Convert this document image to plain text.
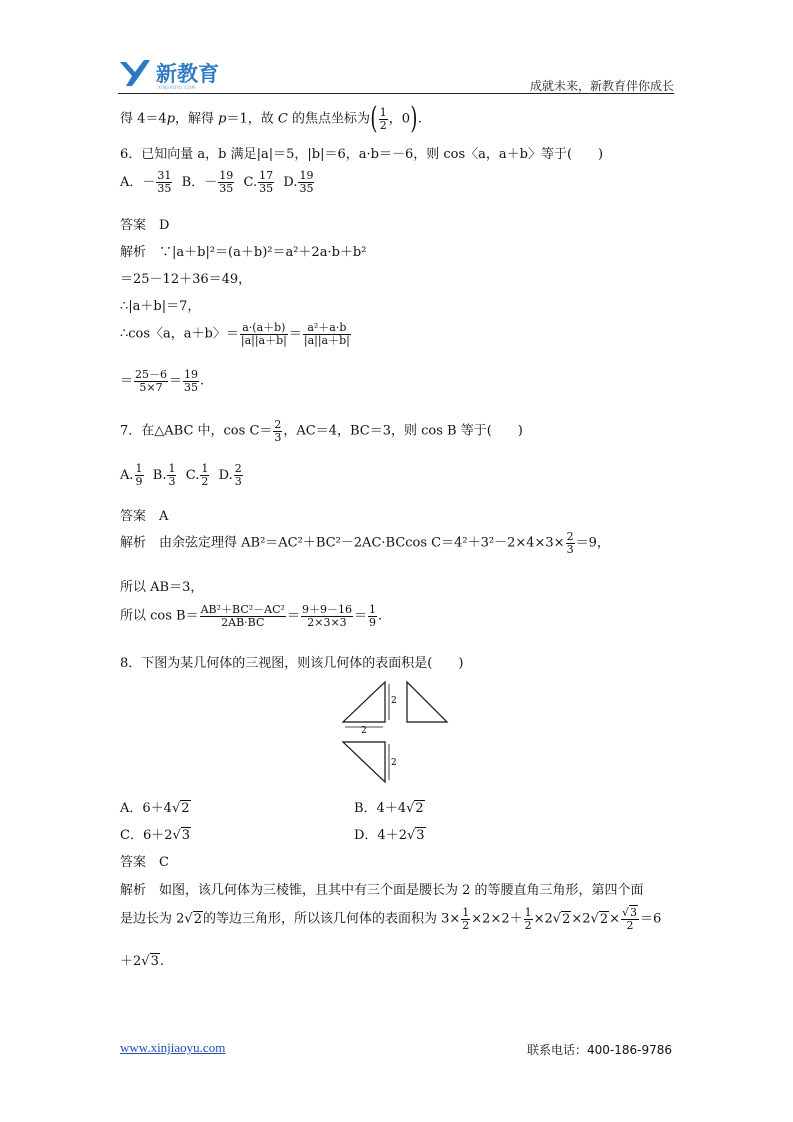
新教育
XINJIAOYU.COM	成就未来，新教育伴你成长
得 4＝4p，解得 p＝1，故 C 的焦点坐标为( $\frac{1}{2}$ ，0).
6．已知向量 a，b 满足|a|＝5，|b|＝6，a·b＝－6，则 cos〈a，a＋b〉等于(　　)
A．－ $\frac{31}{35}$ B．－ $\frac{19}{35} C$. $\frac{17}{35} D$. $\frac{19}{35}$
答案　D
解析　∵|a＋b|²＝(a＋b)²＝a²＋2a·b＋b²
＝25－12＋36＝49，
∴|a＋b|＝7，
∴cos〈a，a＋b〉＝ $\frac{a\cdot(a+b)}{|a||a+b|} = \frac{\text{a²＋a·b}}{|a||a+b|}$
＝ $\frac{25-6}{5\times 7} = \frac{19}{35}$ .
7．在△ABC 中，$\cos C= \frac{2}{3}$ ，AC＝4，BC＝3，则 cos B 等于(　　)
A. $\frac{1}{9} B$. $\frac{1}{3} C$. $\frac{1}{2} D$. $\frac{2}{3}$
答案　A
解析　由余弦定理得 AB²＝AC²＋BC²－2AC·BCcos $C=4^2+3^2-2\times 4\times 3\times \frac{2}{3} =9$，
所以 AB＝3，
所以 $\cos B= \frac{\text{AB²＋BC²－AC²}}{2AB\cdot BC} = \frac{9+9-16}{2\times 3\times 3} = \frac{1}{9}$ .
8．下图为某几何体的三视图，则该几何体的表面积是(　　)
2
2
2
A．6＋4√2	B．4＋4√2
C．6＋2√3	D．4＋2√3
答案　C
解析　如图，该几何体为三棱锥，且其中有三个面是腰长为 2 的等腰直角三角形，第四个面
是边长为 2√2的等边三角形，所以该几何体的表面积为 $3\times \frac{1}{2} \times 2\times 2+ \frac{1}{2} \times 2√2\times 2√2\times \frac{√3}{2} =6$
＋2√3.
www.xinjiaoyu.com	联系电话：400-186-9786
